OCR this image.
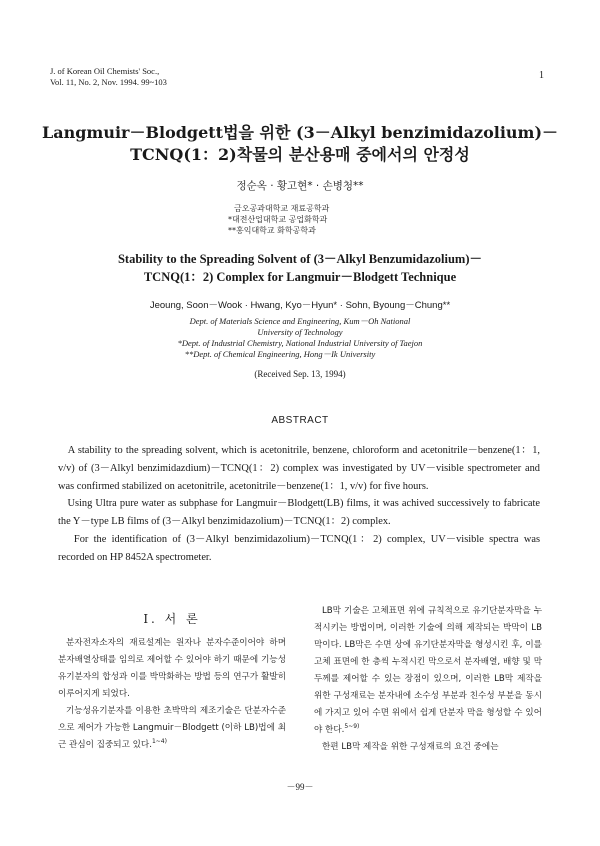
J. of Korean Oil Chemists' Soc.,
Vol. 11, No. 2, Nov. 1994. 99~103
1
Langmuir－Blodgett법을 위한 (3－Alkyl benzimidazolium)－
TCNQ(1：2)착물의 분산용매 중에서의 안정성
정순옥 · 황고현* · 손병청**
금오공과대학교 재료공학과
*대전산업대학교 공업화학과
**홍익대학교 화학공학과
Stability to the Spreading Solvent of (3－Alkyl Benzumidazolium)－
TCNQ(1：2) Complex for Langmuir－Blodgett Technique
Jeoung, Soon－Wook · Hwang, Kyo－Hyun* · Sohn, Byoung－Chung**
Dept. of Materials Science and Engineering, Kum－Oh National
University of Technology
*Dept. of Industrial Chemistry, National Industrial University of Taejon
**Dept. of Chemical Engineering, Hong－Ik University
(Received Sep. 13, 1994)
ABSTRACT

A stability to the spreading solvent, which is acetonitrile, benzene, chloroform and acetonitrile－benzene(1：1, v/v) of (3－Alkyl benzimidazdium)－TCNQ(1：2) complex was investigated by UV－visible spectrometer and was confirmed stabilized on acetonitrile, acetonitrile－benzene(1：1, v/v) for five hours.

Using Ultra pure water as subphase for Langmuir－Blodgett(LB) films, it was achived successively to fabricate the Y－type LB films of (3－Alkyl benzimidazolium)－TCNQ(1：2) complex.

For the identification of (3－Alkyl benzimidazolium)－TCNQ(1：2) complex, UV－visible spectra was recorded on HP 8452A spectrometer.

Ⅰ. 서 론

분자전자소자의 재료설계는 원자나 분자수준이어야 하며 분자배열상태를 임의로 제어할 수 있어야 하기 때문에 기능성유기분자의 합성과 이를 박막화하는 방법 등의 연구가 활발히 이루어지게 되었다.

기능성유기분자를 이용한 초박막의 제조기술은 단분자수준으로 제어가 가능한 Langmuir－Blodgett (이하 LB)법에 최근 관심이 집중되고 있다.$^{1\sim 4)}$

LB막 기술은 고체표면 위에 규칙적으로 유기단분자막을 누적시키는 방법이며, 이러한 기술에 의해 제작되는 박막이 LB막이다. LB막은 수면 상에 유기단분자막을 형성시킨 후, 이를 고체 표면에 한 층씩 누적시킨 막으로서 분자배열, 배향 및 막두께를 제어할 수 있는 장점이 있으며, 이러한 LB막 제작을 위한 구성재료는 분자내에 소수성 부분과 친수성 부분을 동시에 가지고 있어 수면 위에서 쉽게 단분자 막을 형성할 수 있어야 한다.$^{5\sim 9)}$

한편 LB막 제작을 위한 구성재료의 요건 중에는

－99－
